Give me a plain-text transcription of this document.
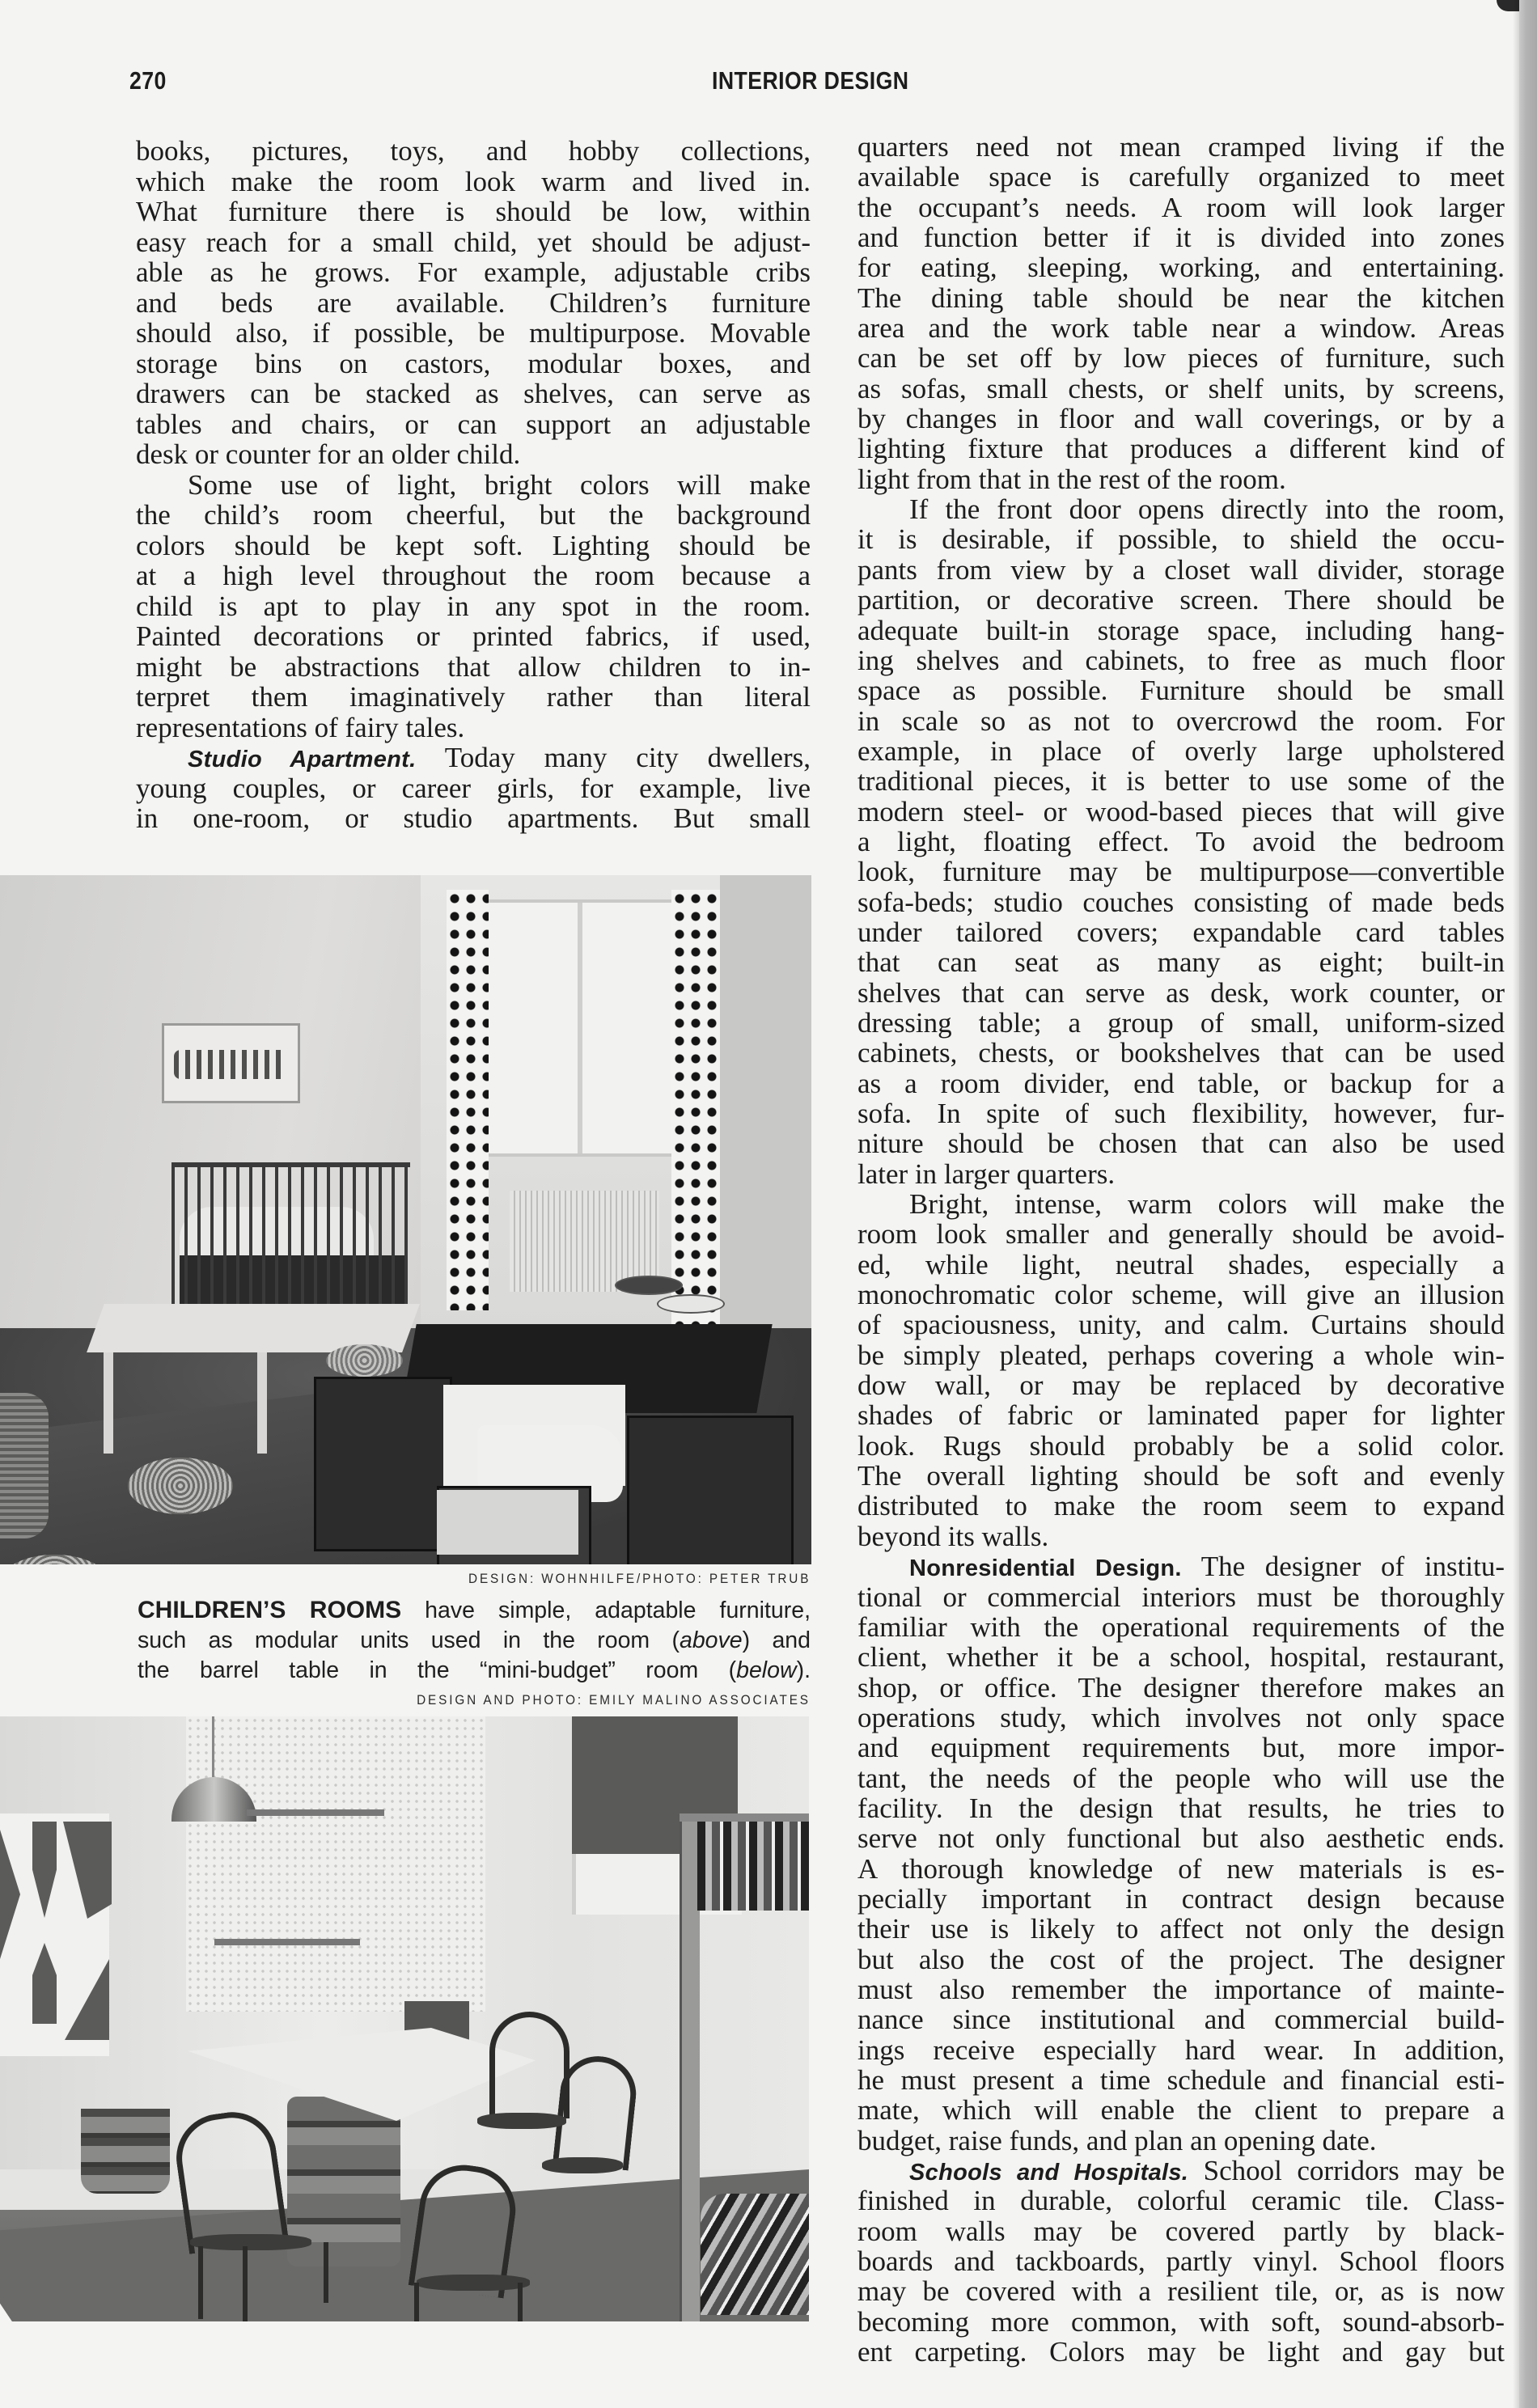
270	INTERIOR DESIGN
books, pictures, toys, and hobby collections,
which make the room look warm and lived in.
What furniture there is should be low, within
easy reach for a small child, yet should be adjust-
able as he grows. For example, adjustable cribs
and beds are available. Children’s furniture
should also, if possible, be multipurpose. Movable
storage bins on castors, modular boxes, and
drawers can be stacked as shelves, can serve as
tables and chairs, or can support an adjustable
desk or counter for an older child.
Some use of light, bright colors will make
the child’s room cheerful, but the background
colors should be kept soft. Lighting should be
at a high level throughout the room because a
child is apt to play in any spot in the room.
Painted decorations or printed fabrics, if used,
might be abstractions that allow children to in-
terpret them imaginatively rather than literal
representations of fairy tales.
Studio Apartment. Today many city dwellers,
young couples, or career girls, for example, live
in one-room, or studio apartments. But small
DESIGN: WOHNHILFE/PHOTO: PETER TRUB
CHILDREN’S ROOMS have simple, adaptable furniture,
such as modular units used in the room (above) and
the barrel table in the “mini-budget” room (below).
DESIGN AND PHOTO: EMILY MALINO ASSOCIATES
quarters need not mean cramped living if the
available space is carefully organized to meet
the occupant’s needs. A room will look larger
and function better if it is divided into zones
for eating, sleeping, working, and entertaining.
The dining table should be near the kitchen
area and the work table near a window. Areas
can be set off by low pieces of furniture, such
as sofas, small chests, or shelf units, by screens,
by changes in floor and wall coverings, or by a
lighting fixture that produces a different kind of
light from that in the rest of the room.
If the front door opens directly into the room,
it is desirable, if possible, to shield the occu-
pants from view by a closet wall divider, storage
partition, or decorative screen. There should be
adequate built-in storage space, including hang-
ing shelves and cabinets, to free as much floor
space as possible. Furniture should be small
in scale so as not to overcrowd the room. For
example, in place of overly large upholstered
traditional pieces, it is better to use some of the
modern steel- or wood-based pieces that will give
a light, floating effect. To avoid the bedroom
look, furniture may be multipurpose—convertible
sofa-beds; studio couches consisting of made beds
under tailored covers; expandable card tables
that can seat as many as eight; built-in
shelves that can serve as desk, work counter, or
dressing table; a group of small, uniform-sized
cabinets, chests, or bookshelves that can be used
as a room divider, end table, or backup for a
sofa. In spite of such flexibility, however, fur-
niture should be chosen that can also be used
later in larger quarters.
Bright, intense, warm colors will make the
room look smaller and generally should be avoid-
ed, while light, neutral shades, especially a
monochromatic color scheme, will give an illusion
of spaciousness, unity, and calm. Curtains should
be simply pleated, perhaps covering a whole win-
dow wall, or may be replaced by decorative
shades of fabric or laminated paper for lighter
look. Rugs should probably be a solid color.
The overall lighting should be soft and evenly
distributed to make the room seem to expand
beyond its walls.
Nonresidential Design. The designer of institu-
tional or commercial interiors must be thoroughly
familiar with the operational requirements of the
client, whether it be a school, hospital, restaurant,
shop, or office. The designer therefore makes an
operations study, which involves not only space
and equipment requirements but, more impor-
tant, the needs of the people who will use the
facility. In the design that results, he tries to
serve not only functional but also aesthetic ends.
A thorough knowledge of new materials is es-
pecially important in contract design because
their use is likely to affect not only the design
but also the cost of the project. The designer
must also remember the importance of mainte-
nance since institutional and commercial build-
ings receive especially hard wear. In addition,
he must present a time schedule and financial esti-
mate, which will enable the client to prepare a
budget, raise funds, and plan an opening date.
Schools and Hospitals. School corridors may be
finished in durable, colorful ceramic tile. Class-
room walls may be covered partly by black-
boards and tackboards, partly vinyl. School floors
may be covered with a resilient tile, or, as is now
becoming more common, with soft, sound-absorb-
ent carpeting. Colors may be light and gay but
